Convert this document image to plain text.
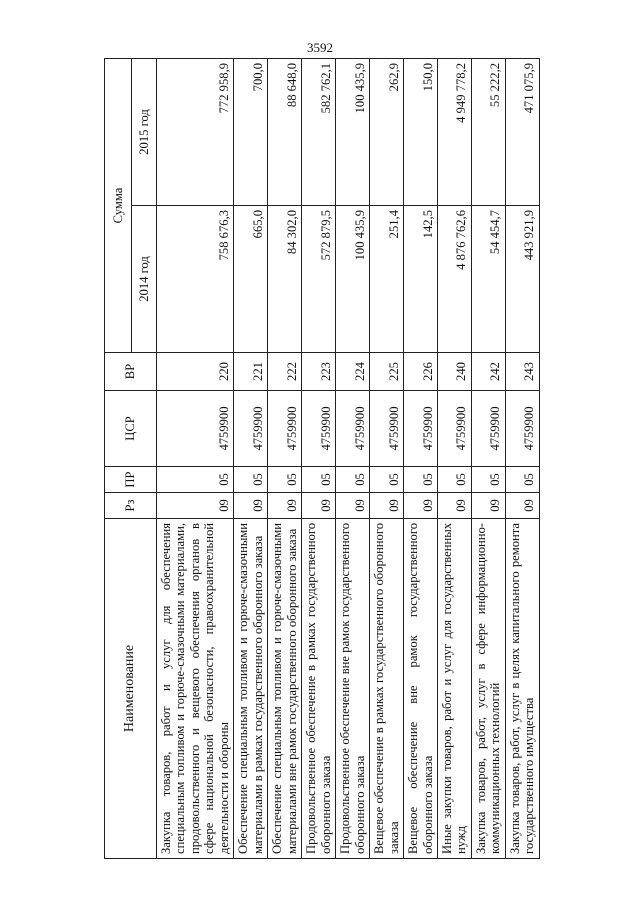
3592
Наименование	Рз	ПР	ЦСР	ВР	Сумма	
					2014 год	2015 год
Закупка товаров, работ и услуг для обеспечения специальным топливом и горюче-смазочными материалами, продовольственного и вещевого обеспечения органов в сфере национальной безопасности, правоохранительной деятельности и обороны	09	05	4759900	220	758 676,3	772 958,9
Обеспечение специальным топливом и горюче-смазочными материалами в рамках государственного оборонного заказа	09	05	4759900	221	665,0	700,0
Обеспечение специальным топливом и горюче-смазочными материалами вне рамок государственного оборонного заказа	09	05	4759900	222	84 302,0	88 648,0
Продовольственное обеспечение в рамках государственного оборонного заказа	09	05	4759900	223	572 879,5	582 762,1
Продовольственное обеспечение вне рамок государственного оборонного заказа	09	05	4759900	224	100 435,9	100 435,9
Вещевое обеспечение в рамках государственного оборонного заказа	09	05	4759900	225	251,4	262,9
Вещевое обеспечение вне рамок государственного оборонного заказа	09	05	4759900	226	142,5	150,0
Иные закупки товаров, работ и услуг для государственных нужд	09	05	4759900	240	4 876 762,6	4 949 778,2
Закупка товаров, работ, услуг в сфере информационно-коммуникационных технологий	09	05	4759900	242	54 454,7	55 222,2
Закупка товаров, работ, услуг в целях капитального ремонта государственного имущества	09	05	4759900	243	443 921,9	471 075,9
